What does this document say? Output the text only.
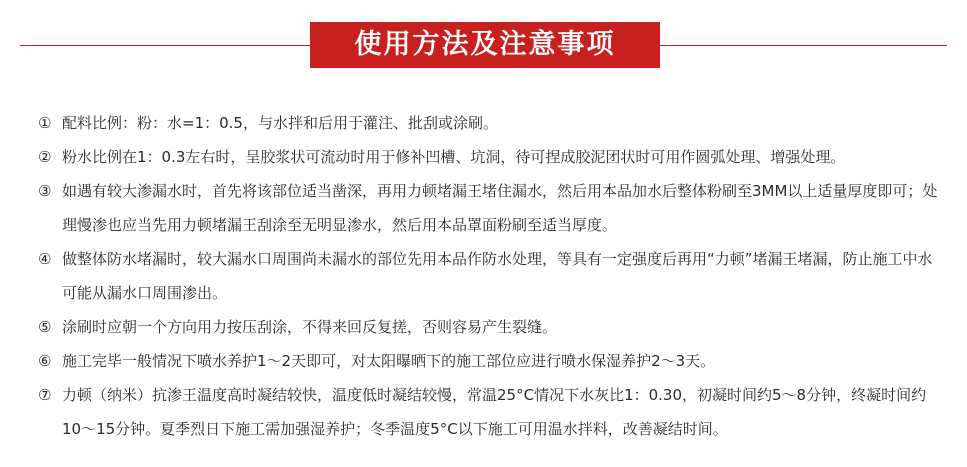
使用方法及注意事项
① 配料比例：粉：水=1：0.5，与水拌和后用于灌注、批刮或涂刷。
② 粉水比例在1：0.3左右时，呈胶浆状可流动时用于修补凹槽、坑洞，待可捏成胶泥团状时可用作圆弧处理、增强处理。
③ 如遇有较大渗漏水时，首先将该部位适当凿深，再用力顿堵漏王堵住漏水，然后用本品加水后整体粉刷至3MM以上适量厚度即可；处理慢渗也应当先用力顿堵漏王刮涂至无明显渗水，然后用本品罩面粉刷至适当厚度。
④ 做整体防水堵漏时，较大漏水口周围尚未漏水的部位先用本品作防水处理，等具有一定强度后再用“力顿”堵漏王堵漏，防止施工中水可能从漏水口周围渗出。
⑤ 涂刷时应朝一个方向用力按压刮涂，不得来回反复搓，否则容易产生裂缝。
⑥ 施工完毕一般情况下喷水养护1～2天即可，对太阳曝晒下的施工部位应进行喷水保湿养护2～3天。
⑦ 力顿（纳米）抗渗王温度高时凝结较快，温度低时凝结较慢，常温25°C情况下水灰比1：0.30，初凝时间约5～8分钟，终凝时间约10～15分钟。夏季烈日下施工需加强湿养护；冬季温度5°C以下施工可用温水拌料，改善凝结时间。
